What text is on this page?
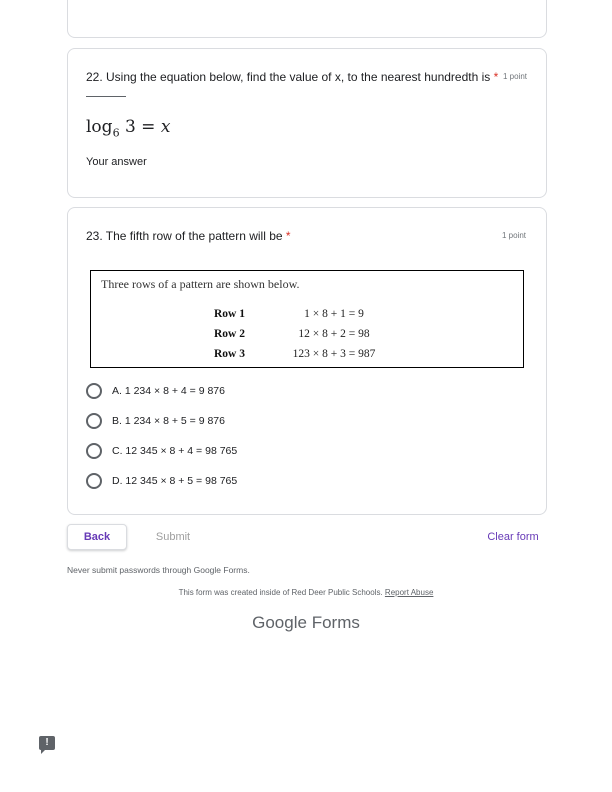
22. Using the equation below, find the value of x, to the nearest hundredth is * 1 point
$\log_6 3 = x$
Your answer
23. The fifth row of the pattern will be *	1 point
Three rows of a pattern are shown below.
Row 1	1 × 8 + 1 = 9
Row 2	12 × 8 + 2 = 98
Row 3	123 × 8 + 3 = 987
A. 1 234 × 8 + 4 = 9 876
B. 1 234 × 8 + 5 = 9 876
C. 12 345 × 8 + 4 = 98 765
D. 12 345 × 8 + 5 = 98 765
Back	Submit	Clear form
Never submit passwords through Google Forms.
This form was created inside of Red Deer Public Schools. Report Abuse
Google Forms
!
